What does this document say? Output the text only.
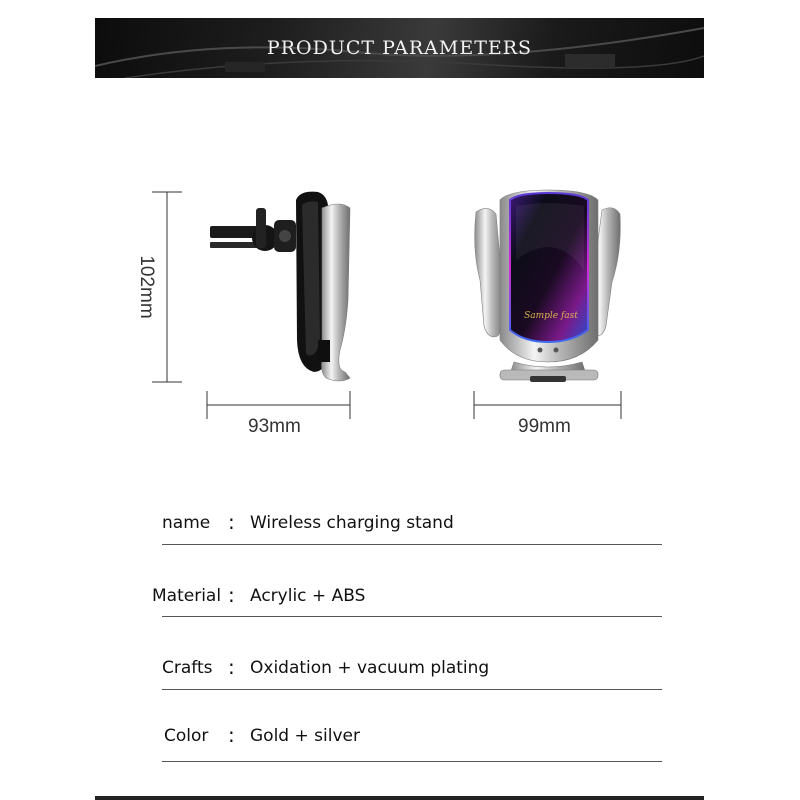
PRODUCT PARAMETERS
Sample fast
102mm
93mm	99mm
name : Wireless charging stand
Material : Acrylic + ABS
Crafts : Oxidation + vacuum plating
Color : Gold + silver
